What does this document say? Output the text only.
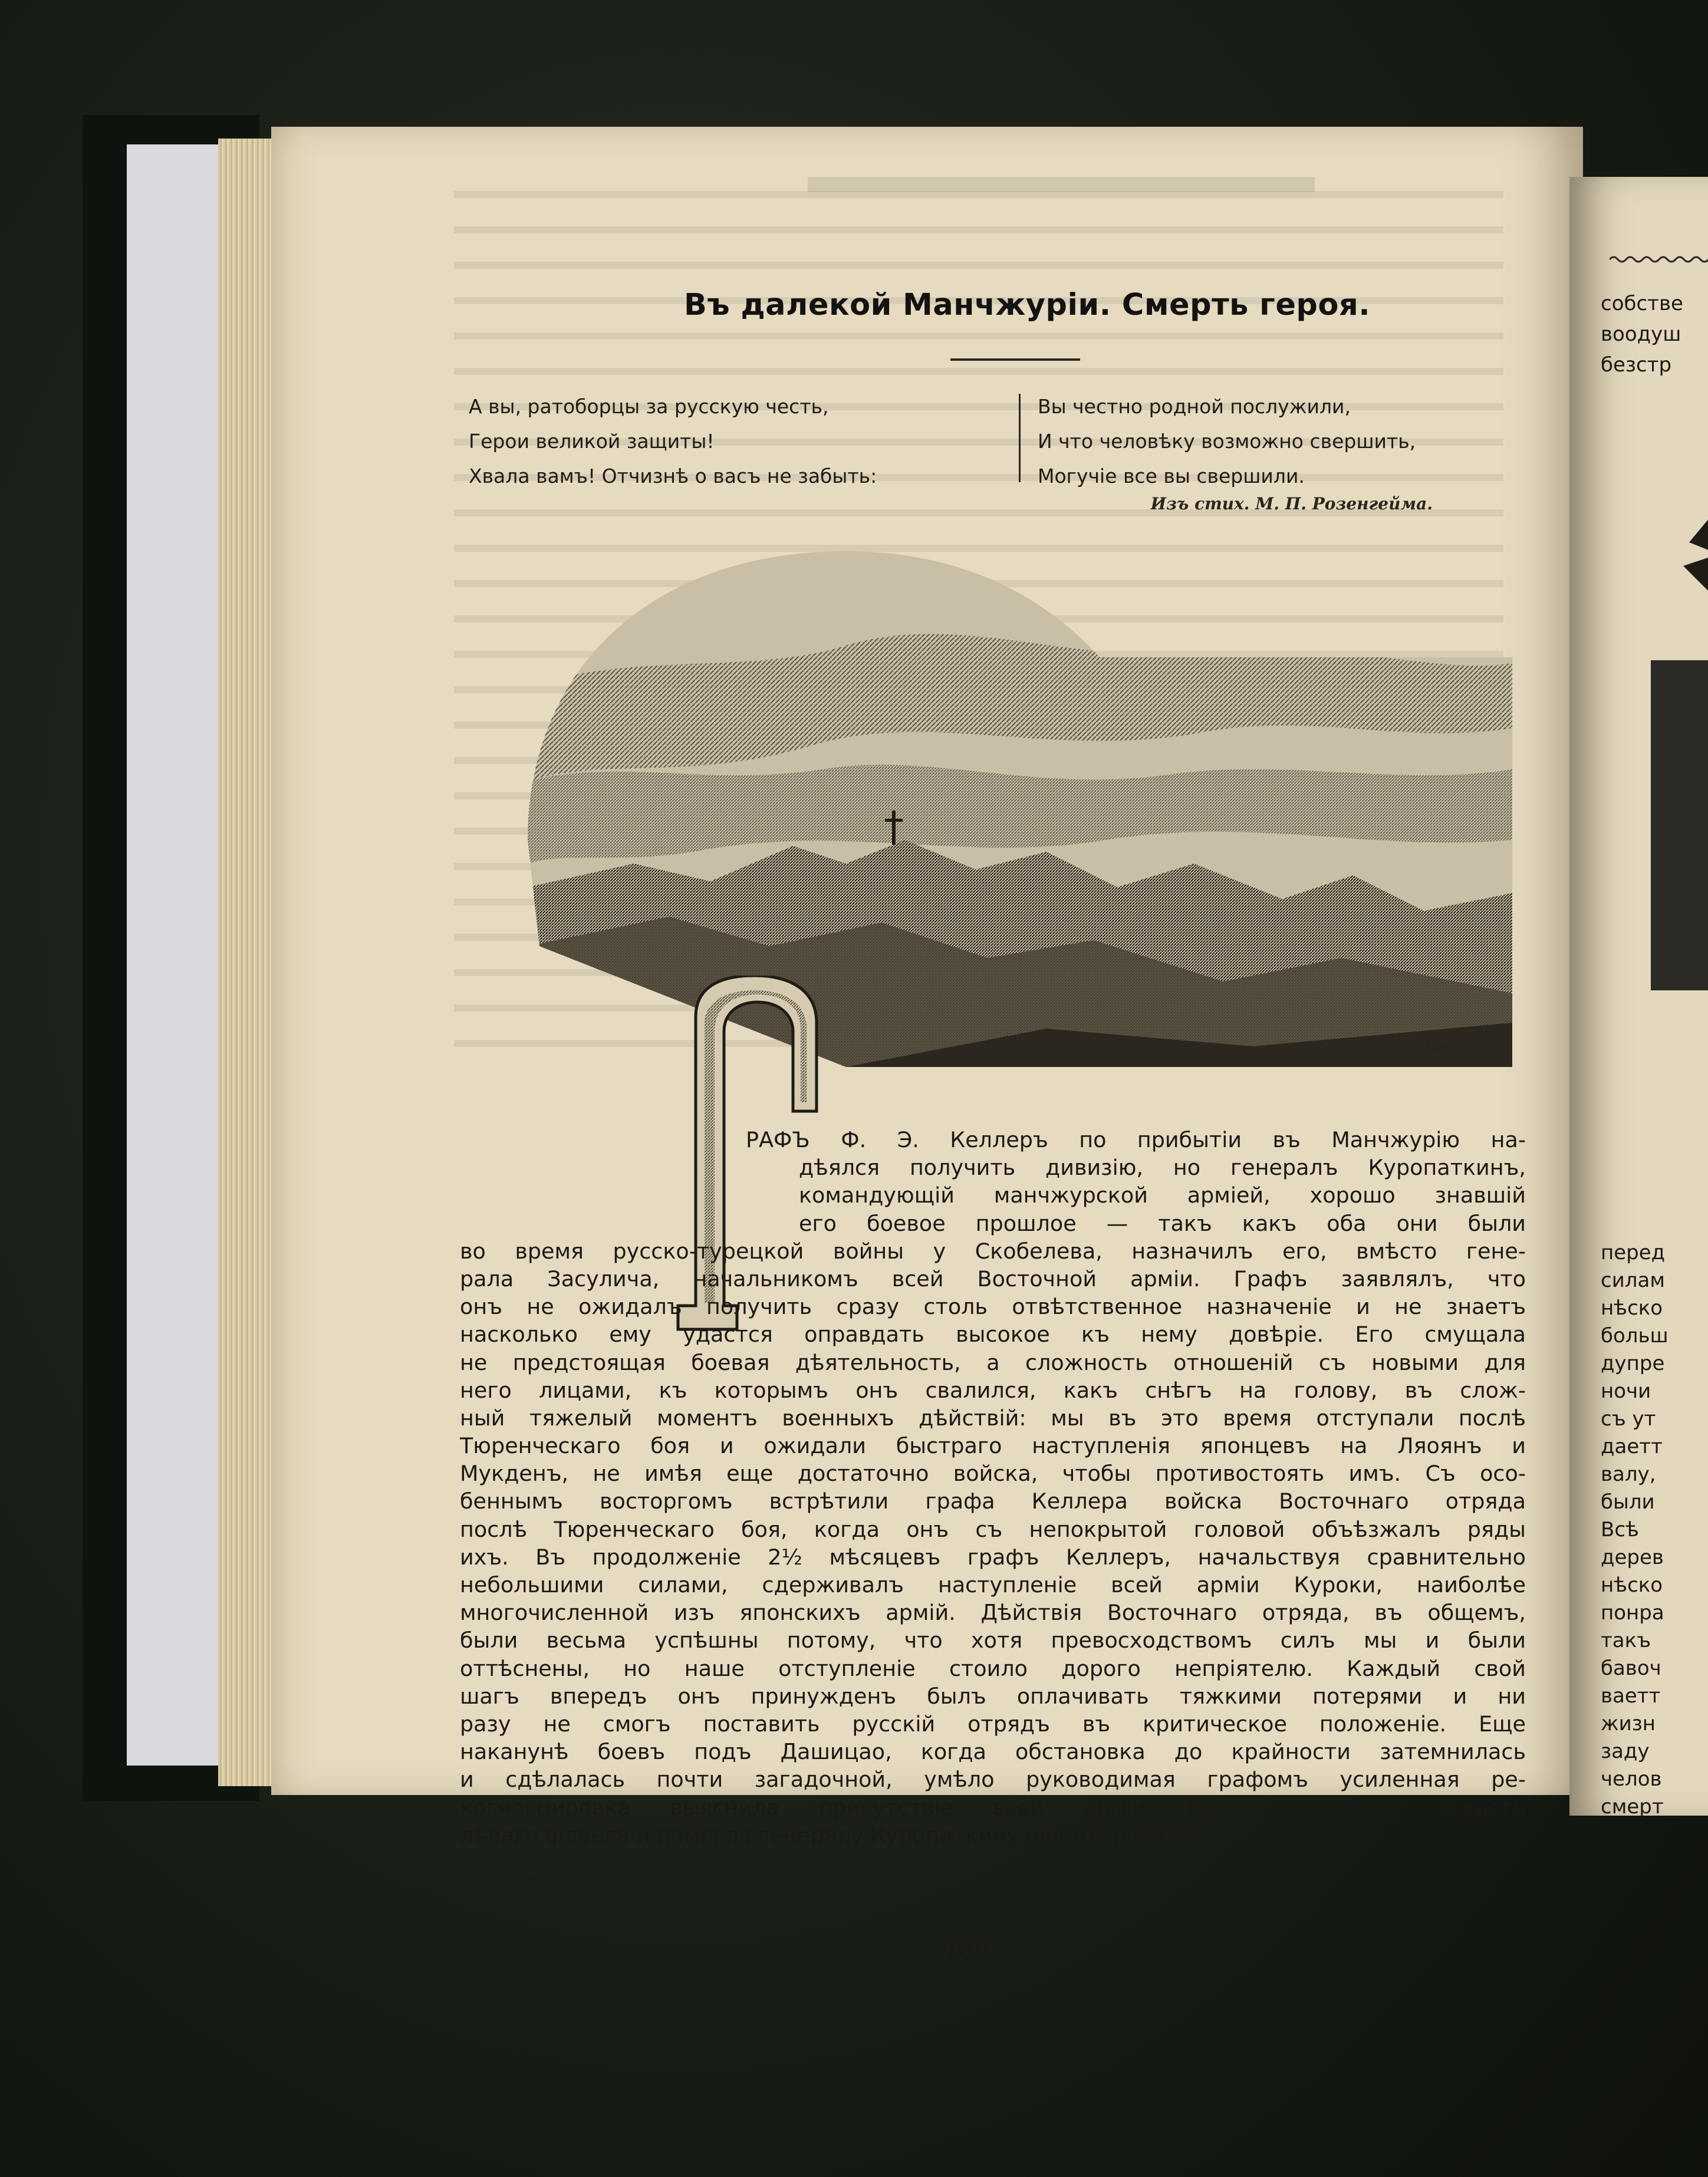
Въ далекой Манчжуріи. Смерть героя.
А вы, ратоборцы за русскую честь,
Герои великой защиты!
Хвала вамъ! Отчизнѣ о васъ не забыть:
Вы честно родной послужили,
И что человѣку возможно свершить,
Могучіе все вы свершили.
Изъ стих. М. П. Розенгейма.
Берг
РАФЪ Ф. Э. Келлеръ по прибытіи въ Манчжурію на-
дѣялся получить дивизію, но генералъ Куропаткинъ,
командующій манчжурской арміей, хорошо знавшій
его боевое прошлое — такъ какъ оба они были
во время русско-турецкой войны у Скобелева, назначилъ его, вмѣсто гене-
рала Засулича, начальникомъ всей Восточной арміи. Графъ заявлялъ, что
онъ не ожидалъ получить сразу столь отвѣтственное назначеніе и не знаетъ
насколько ему удастся оправдать высокое къ нему довѣріе. Его смущала
не предстоящая боевая дѣятельность, а сложность отношеній съ новыми для
него лицами, къ которымъ онъ свалился, какъ снѣгъ на голову, въ слож-
ный тяжелый моментъ военныхъ дѣйствій: мы въ это время отступали послѣ
Тюренческаго боя и ожидали быстраго наступленія японцевъ на Ляоянъ и
Мукденъ, не имѣя еще достаточно войска, чтобы противостоять имъ. Съ осо-
беннымъ восторгомъ встрѣтили графа Келлера войска Восточнаго отряда
послѣ Тюренческаго боя, когда онъ съ непокрытой головой объѣзжалъ ряды
ихъ. Въ продолженіе 2½ мѣсяцевъ графъ Келлеръ, начальствуя сравнительно
небольшими силами, сдерживалъ наступленіе всей арміи Куроки, наиболѣе
многочисленной изъ японскихъ армій. Дѣйствія Восточнаго отряда, въ общемъ,
были весьма успѣшны потому, что хотя превосходствомъ силъ мы и были
оттѣснены, но наше отступленіе стоило дорого непріятелю. Каждый свой
шагъ впередъ онъ принужденъ былъ оплачивать тяжкими потерями и ни
разу не смогъ поставить русскій отрядъ въ критическое положеніе. Еще
наканунѣ боевъ подъ Дашицао, когда обстановка до крайности затемнилась
и сдѣлалась почти загадочной, умѣло руководимая графомъ усиленная ре-
когносцировка выяснила присутствіе всей арміи Куроки противъ нашего
лѣваго фланга и помогла генералу Куропаткину оріентироваться.
— 180 —
собстве
воодуш
безстр
перед
силам
нѣско
больш
дупре
ночи
съ ут
даетт
валу,
были
Всѣ
дерев
нѣско
понра
такъ
бавоч
ваетт
жизн
заду
челов
смерт
